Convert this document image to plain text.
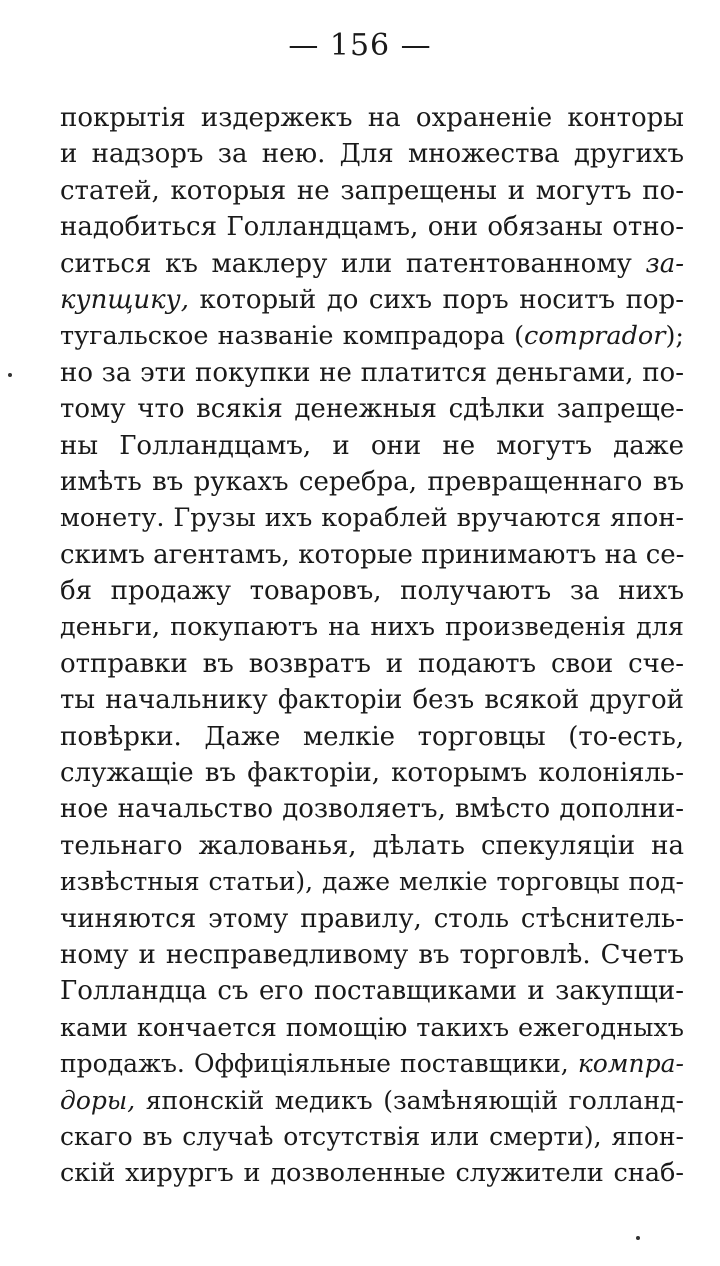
— 156 —
покрытія издержекъ на охраненіе конторы
и надзоръ за нею. Для множества другихъ
статей, которыя не запрещены и могутъ по-
надобиться Голландцамъ, они обязаны отно-
ситься къ маклеру или патентованному за-
купщику, который до сихъ поръ носитъ пор-
тугальское названіе компрадора (comprador);
но за эти покупки не платится деньгами, по-
тому что всякія денежныя сдѣлки запреще-
ны Голландцамъ, и они не могутъ даже
имѣть въ рукахъ серебра, превращеннаго въ
монету. Грузы ихъ кораблей вручаются япон-
скимъ агентамъ, которые принимаютъ на се-
бя продажу товаровъ, получаютъ за нихъ
деньги, покупаютъ на нихъ произведенія для
отправки въ возвратъ и подаютъ свои сче-
ты начальнику факторіи безъ всякой другой
повѣрки. Даже мелкіе торговцы (то-есть,
служащіе въ факторіи, которымъ колоніяль-
ное начальство дозволяетъ, вмѣсто дополни-
тельнаго жалованья, дѣлать спекуляціи на
извѣстныя статьи), даже мелкіе торговцы под-
чиняются этому правилу, столь стѣснитель-
ному и несправедливому въ торговлѣ. Счетъ
Голландца съ его поставщиками и закупщи-
ками кончается помощію такихъ ежегодныхъ
продажъ. Оффиціяльные поставщики, компра-
доры, японскій медикъ (замѣняющій голланд-
скаго въ случаѣ отсутствія или смерти), япон-
скій хирургъ и дозволенные служители снаб-
